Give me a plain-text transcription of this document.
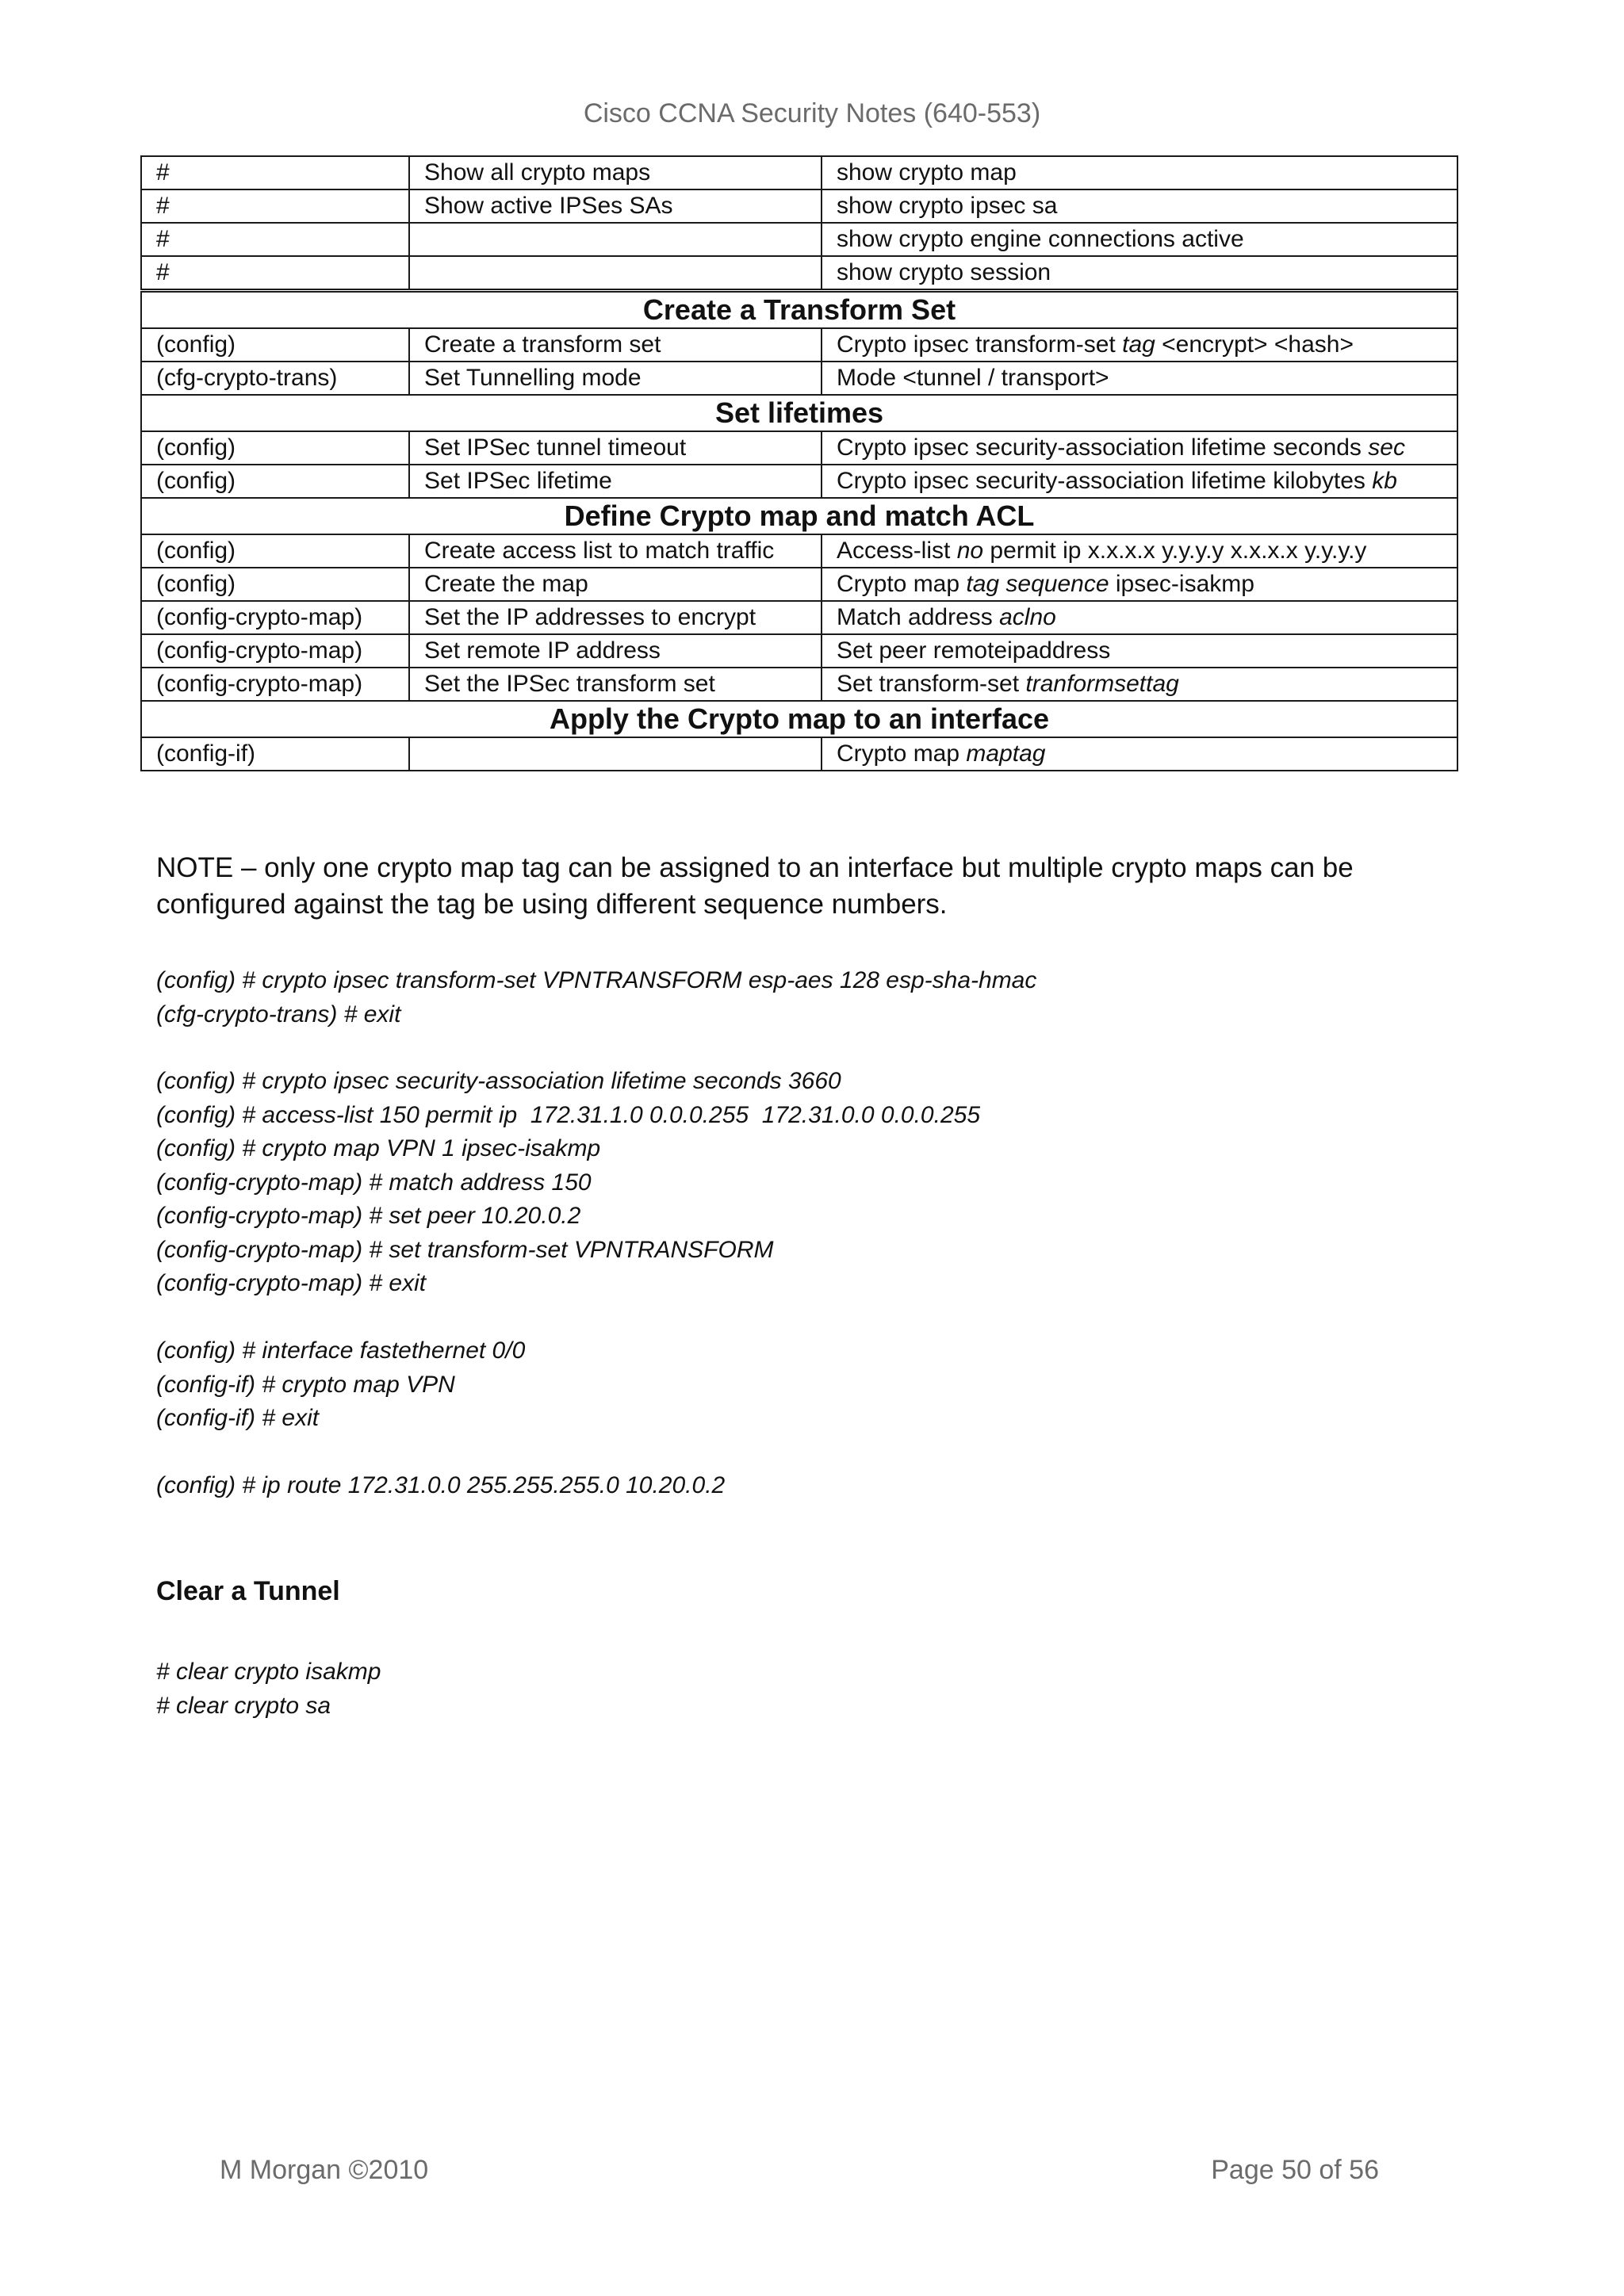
Cisco CCNA Security Notes (640-553)
#	Show all crypto maps	show crypto map
#	Show active IPSes SAs	show crypto ipsec sa
#		show crypto engine connections active
#		show crypto session
Create a Transform Set		
(config)	Create a transform set	Crypto ipsec transform-set tag <encrypt> <hash>
(cfg-crypto-trans)	Set Tunnelling mode	Mode <tunnel / transport>
Set lifetimes		
(config)	Set IPSec tunnel timeout	Crypto ipsec security-association lifetime seconds sec
(config)	Set IPSec lifetime	Crypto ipsec security-association lifetime kilobytes kb
Define Crypto map and match ACL		
(config)	Create access list to match traffic	Access-list no permit ip x.x.x.x y.y.y.y x.x.x.x y.y.y.y
(config)	Create the map	Crypto map tag sequence ipsec-isakmp
(config-crypto-map)	Set the IP addresses to encrypt	Match address aclno
(config-crypto-map)	Set remote IP address	Set peer remoteipaddress
(config-crypto-map)	Set the IPSec transform set	Set transform-set tranformsettag
Apply the Crypto map to an interface		
(config-if)		Crypto map maptag
NOTE – only one crypto map tag can be assigned to an interface but multiple crypto maps can be configured against the tag be using different sequence numbers.
(config) # crypto ipsec transform-set VPNTRANSFORM esp-aes 128 esp-sha-hmac
(cfg-crypto-trans) # exit
(config) # crypto ipsec security-association lifetime seconds 3660
(config) # access-list 150 permit ip  172.31.1.0 0.0.0.255  172.31.0.0 0.0.0.255
(config) # crypto map VPN 1 ipsec-isakmp
(config-crypto-map) # match address 150
(config-crypto-map) # set peer 10.20.0.2
(config-crypto-map) # set transform-set VPNTRANSFORM
(config-crypto-map) # exit
(config) # interface fastethernet 0/0
(config-if) # crypto map VPN
(config-if) # exit
(config) # ip route 172.31.0.0 255.255.255.0 10.20.0.2
Clear a Tunnel
# clear crypto isakmp
# clear crypto sa
M Morgan ©2010	Page 50 of 56
